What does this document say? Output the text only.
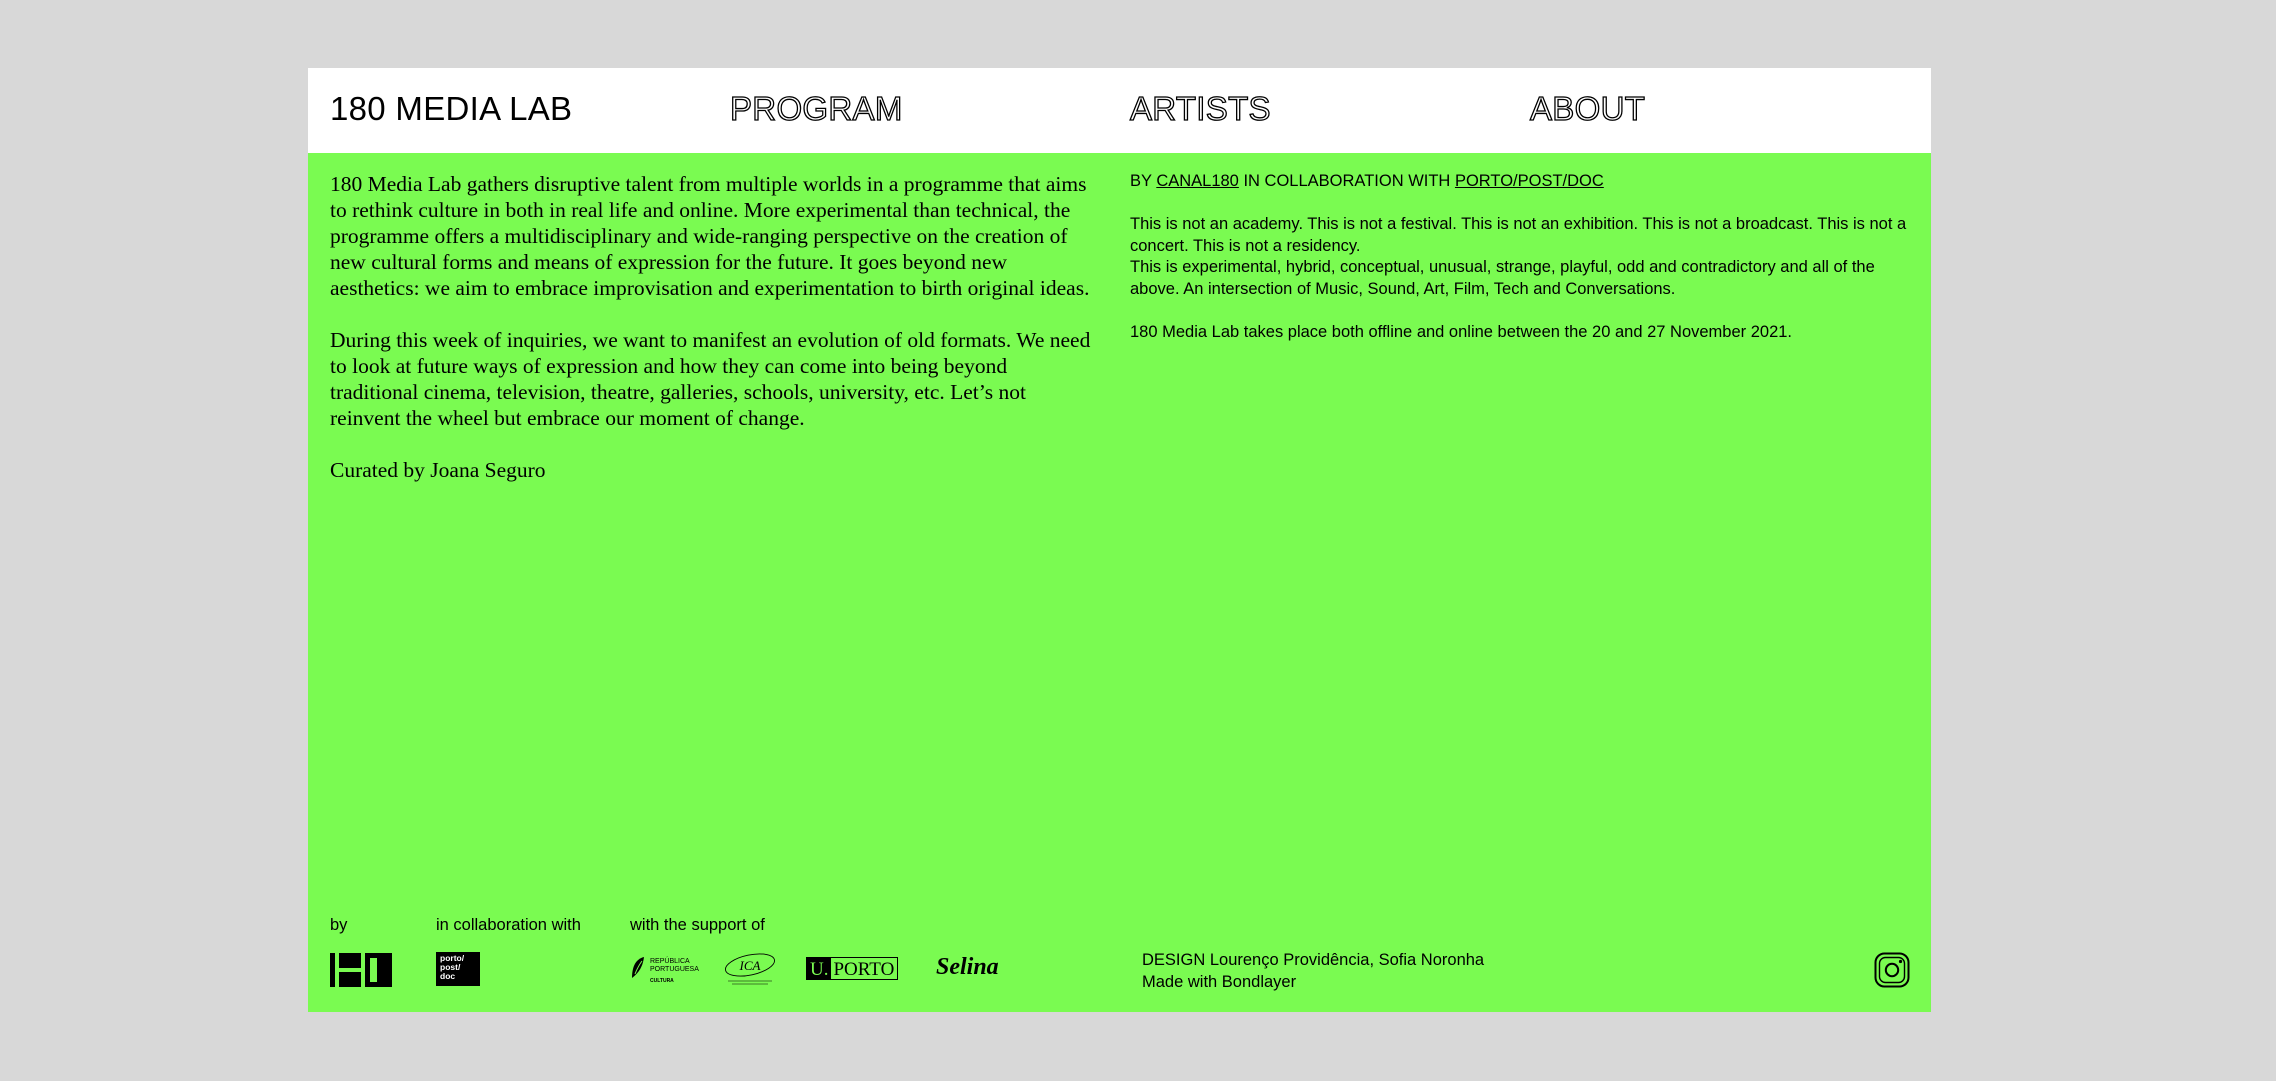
180 MEDIA LAB	PROGRAM	ARTISTS	ABOUT

180 Media Lab gathers disruptive talent from multiple worlds in a programme that aims to rethink culture in both in real life and online. More experimental than technical, the programme offers a multidisciplinary and wide-ranging perspective on the creation of new cultural forms and means of expression for the future. It goes beyond new aesthetics: we aim to embrace improvisation and experimentation to birth original ideas.

During this week of inquiries, we want to manifest an evolution of old formats. We need to look at future ways of expression and how they can come into being beyond traditional cinema, television, theatre, galleries, schools, university, etc. Let’s not reinvent the wheel but embrace our moment of change.

Curated by Joana Seguro

BY CANAL180 IN COLLABORATION WITH PORTO/POST/DOC

This is not an academy. This is not a festival. This is not an exhibition. This is not a broadcast. This is not a concert. This is not a residency.
This is experimental, hybrid, conceptual, unusual, strange, playful, odd and contradictory and all of the above. An intersection of Music, Sound, Art, Film, Tech and Conversations.

180 Media Lab takes place both offline and online between the 20 and 27 November 2021.

by	in collaboration with	with the support of
porto/
post/
doc
REPÚBLICA
PORTUGUESA
CULTURA
ICA	U. PORTO Selina	DESIGN Lourenço Providência, Sofia Noronha
Made with Bondlayer
